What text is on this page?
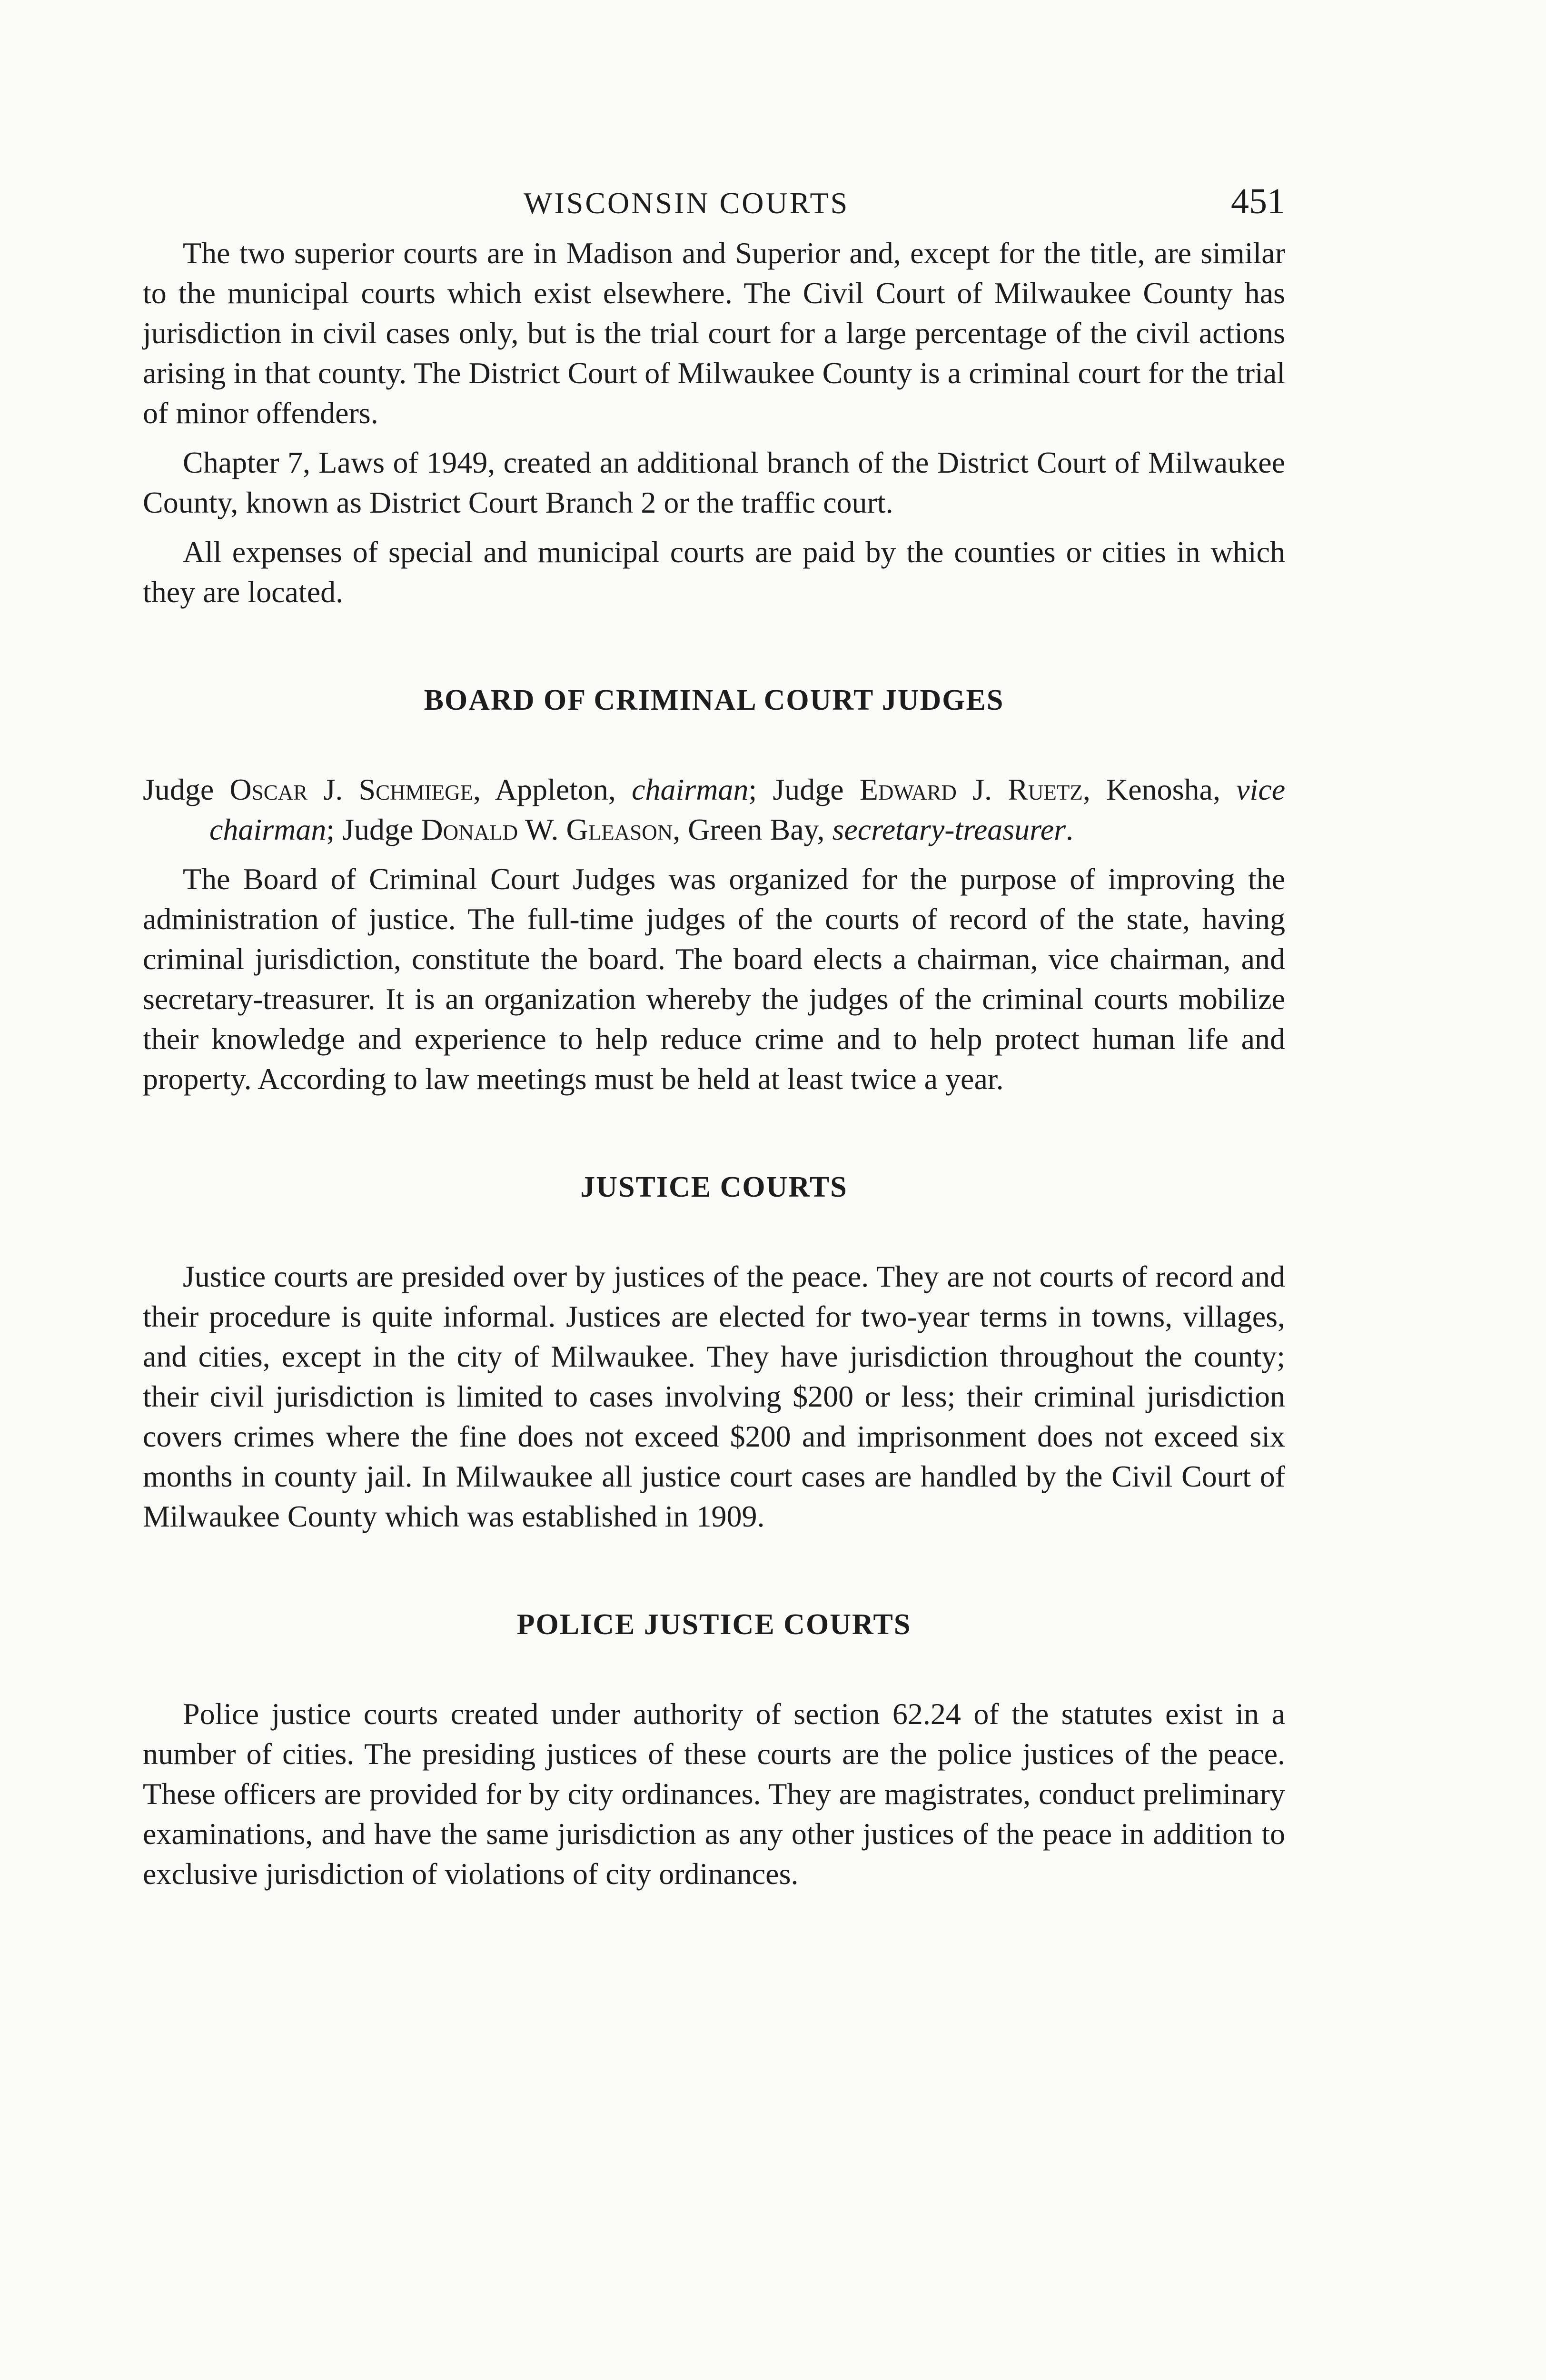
WISCONSIN COURTS	451

The two superior courts are in Madison and Superior and, except for the title, are similar to the municipal courts which exist elsewhere. The Civil Court of Milwaukee County has jurisdiction in civil cases only, but is the trial court for a large percentage of the civil actions arising in that county. The District Court of Milwaukee County is a criminal court for the trial of minor offenders.

Chapter 7, Laws of 1949, created an additional branch of the District Court of Milwaukee County, known as District Court Branch 2 or the traffic court.

All expenses of special and municipal courts are paid by the counties or cities in which they are located.

BOARD OF CRIMINAL COURT JUDGES

Judge Oscar J. Schmiege, Appleton, chairman; Judge Edward J. Ruetz, Kenosha, vice chairman; Judge Donald W. Gleason, Green Bay, secretary-treasurer.

The Board of Criminal Court Judges was organized for the purpose of improving the administration of justice. The full-time judges of the courts of record of the state, having criminal jurisdiction, constitute the board. The board elects a chairman, vice chairman, and secretary-treasurer. It is an organization whereby the judges of the criminal courts mobilize their knowledge and experience to help reduce crime and to help protect human life and property. According to law meetings must be held at least twice a year.

JUSTICE COURTS

Justice courts are presided over by justices of the peace. They are not courts of record and their procedure is quite informal. Justices are elected for two-year terms in towns, villages, and cities, except in the city of Milwaukee. They have jurisdiction throughout the county; their civil jurisdiction is limited to cases involving $200 or less; their criminal jurisdiction covers crimes where the fine does not exceed $200 and imprisonment does not exceed six months in county jail. In Milwaukee all justice court cases are handled by the Civil Court of Milwaukee County which was established in 1909.

POLICE JUSTICE COURTS

Police justice courts created under authority of section 62.24 of the statutes exist in a number of cities. The presiding justices of these courts are the police justices of the peace. These officers are provided for by city ordinances. They are magistrates, conduct preliminary examinations, and have the same jurisdiction as any other justices of the peace in addition to exclusive jurisdiction of violations of city ordinances.
